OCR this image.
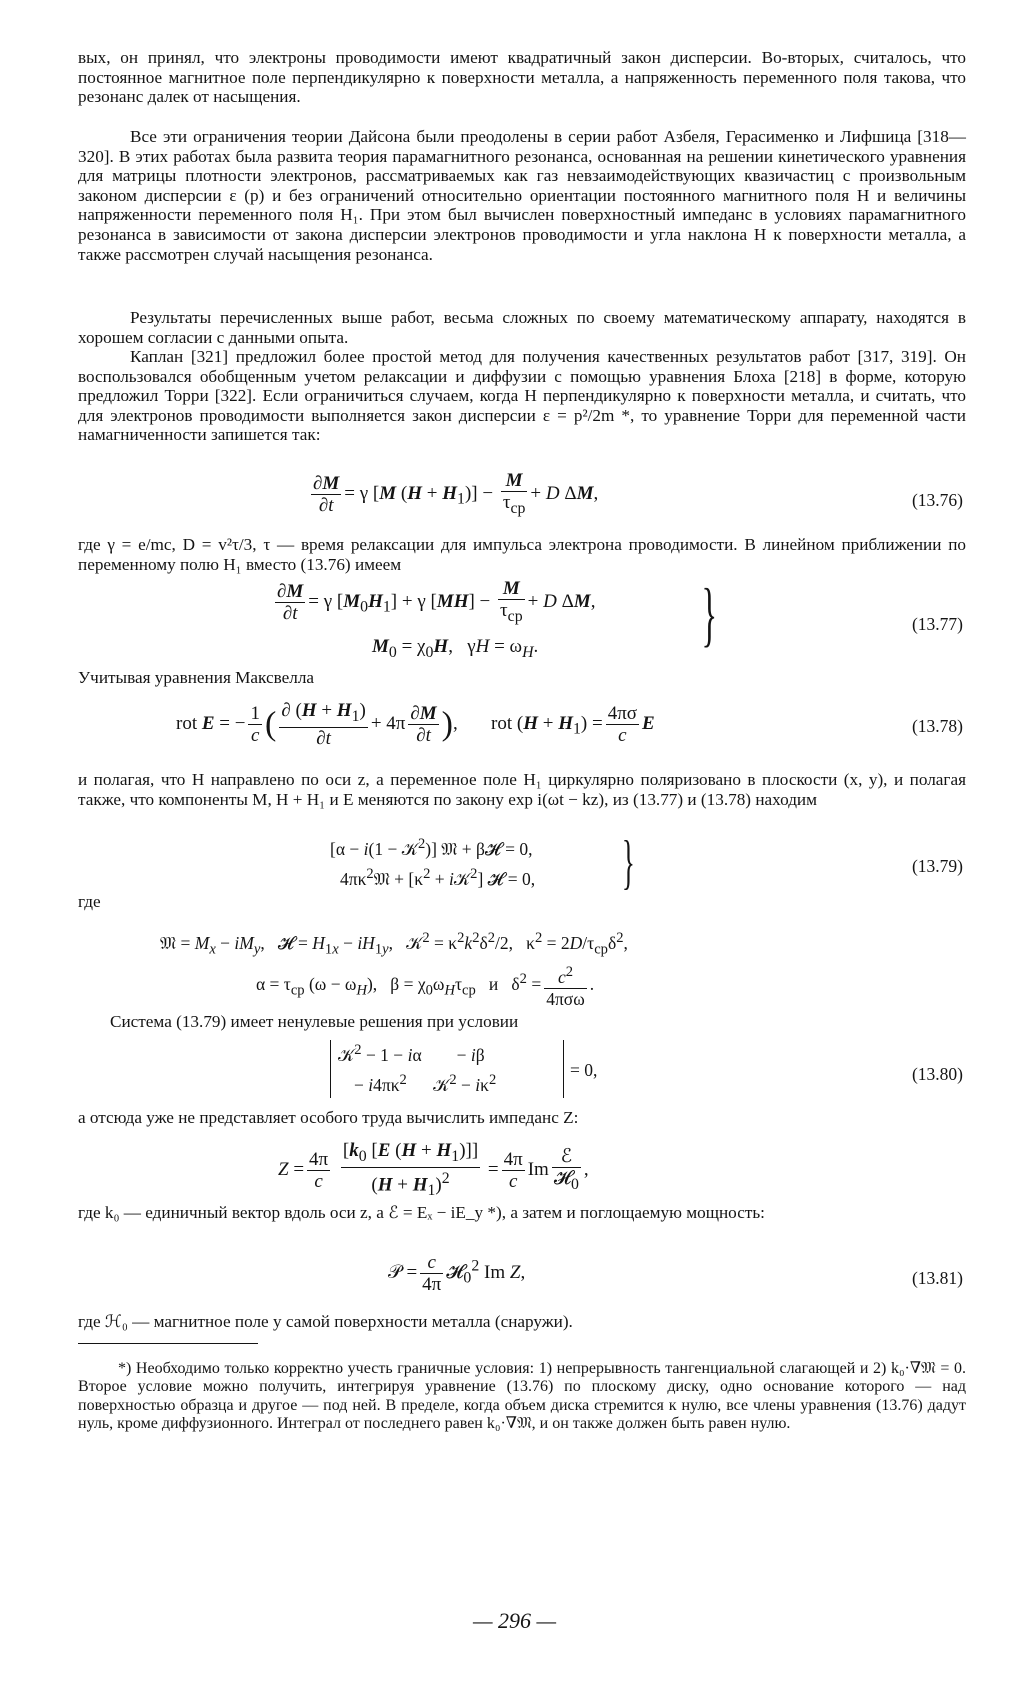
вых, он принял, что электроны проводимости имеют квадратичный закон дисперсии. Во-вторых, считалось, что постоянное магнитное поле перпендикулярно к поверхности металла, а напряженность переменного поля такова, что резонанс далек от насыщения.
Все эти ограничения теории Дайсона были преодолены в серии работ Азбеля, Герасименко и Лифшица [318—320]. В этих работах была развита теория парамагнитного резонанса, основанная на решении кинетического уравнения для матрицы плотности электронов, рассматриваемых как газ невзаимодействующих квазичастиц с произвольным законом дисперсии ε (p) и без ограничений относительно ориентации постоянного магнитного поля H и величины напряженности переменного поля H₁. При этом был вычислен поверхностный импеданс в условиях парамагнитного резонанса в зависимости от закона дисперсии электронов проводимости и угла наклона H к поверхности металла, а также рассмотрен случай насыщения резонанса.
Результаты перечисленных выше работ, весьма сложных по своему математическому аппарату, находятся в хорошем согласии с данными опыта.
Каплан [321] предложил более простой метод для получения качественных результатов работ [317, 319]. Он воспользовался обобщенным учетом релаксации и диффузии с помощью уравнения Блоха [218] в форме, которую предложил Торри [322]. Если ограничиться случаем, когда H перпендикулярно к поверхности металла, и считать, что для электронов проводимости выполняется закон дисперсии ε = p²/2m *, то уравнение Торри для переменной части намагниченности запишется так:
$\frac{\partial M}{\partial t} = \gamma$ [M $(H + H_1)] - \frac{M}{\tau_{ср}} + D$ ΔM,	(13.76)
где γ = e/mc, D = v²τ/3, τ — время релаксации для импульса электрона проводимости. В линейном приближении по переменному полю H₁ вместо (13.76) имеем
$\frac{\partial M}{\partial t} = \gamma$ $[M_0H_1] + \gamma$ $[MH] - \frac{M}{\tau_{ср}} + D$ ΔM,
$M_0 = \chi_0H$,   $\gamma H = \omega_H$. }	(13.77)
Учитывая уравнения Максвелла
rot E = − $\frac{1}{c}$ ( $\frac{\partial (H + H_1)}{\partial t} + 4\pi \frac{\partial M}{\partial t}$ ),       rot $(H + H_1) = \frac{4\pi\sigma}{c}$ E	(13.78)
и полагая, что H направлено по оси z, а переменное поле H₁ циркулярно поляризовано в плоскости (x, y), и полагая также, что компоненты M, H + H₁ и E меняются по закону exp i(ωt − kz), из (13.77) и (13.78) находим
[α − i(1 − 𝒦$^2$)] 𝔐 + β𝓗 = 0,
$4\pi\kappa^2𝔐 + [\kappa^2$ + i𝒦$^2$] 𝓗 = 0, }	(13.79)
где
𝔐 = $M_x - iM_y$,   𝓗 = $H_{1x} - iH_{1y}$,   𝒦$^2$ = $\kappa^2k^2\delta^2/2$,   $\kappa^2 = 2D/\tau_{ср}\delta^2$,
$\alpha = \tau_{ср}$ $(\omega - \omega_H)$,   $\beta = \chi_0\omega_H\tau_{ср}$   и   $\delta^2 = \frac{c^2}{\text{4πσω}}$ .
Система (13.79) имеет ненулевые решения при условии
𝒦$^2$ − 1 − iα        − iβ
− $i4\pi\kappa^2$      𝒦$^2$ − $i\kappa^2$	= 0,	(13.80)
а отсюда уже не представляет особого труда вычислить импеданс Z:
$Z = \frac{4\pi}{c}$
$\frac{[k_0 [E (H + H_1)]]}{(H + H_1)^2} = \frac{4\pi}{c}$ Im $\frac{\text{ℰ}}{𝓗_0}$ ,
где k₀ — единичный вектор вдоль оси z, а ℰ = Eₓ − iE_y *), а затем и поглощаемую мощность:
𝒫 = $\frac{c}{4\pi}$ 𝓗$_0^2$ Im Z,	(13.81)
где ℋ₀ — магнитное поле у самой поверхности металла (снаружи).
*) Необходимо только корректно учесть граничные условия: 1) непрерывность тангенциальной слагающей и 2) k₀·∇𝔐 = 0. Второе условие можно получить, интегрируя уравнение (13.76) по плоскому диску, одно основание которого — над поверхностью образца и другое — под ней. В пределе, когда объем диска стремится к нулю, все члены уравнения (13.76) дадут нуль, кроме диффузионного. Интеграл от последнего равен k₀·∇𝔐, и он также должен быть равен нулю.
— 296 —
